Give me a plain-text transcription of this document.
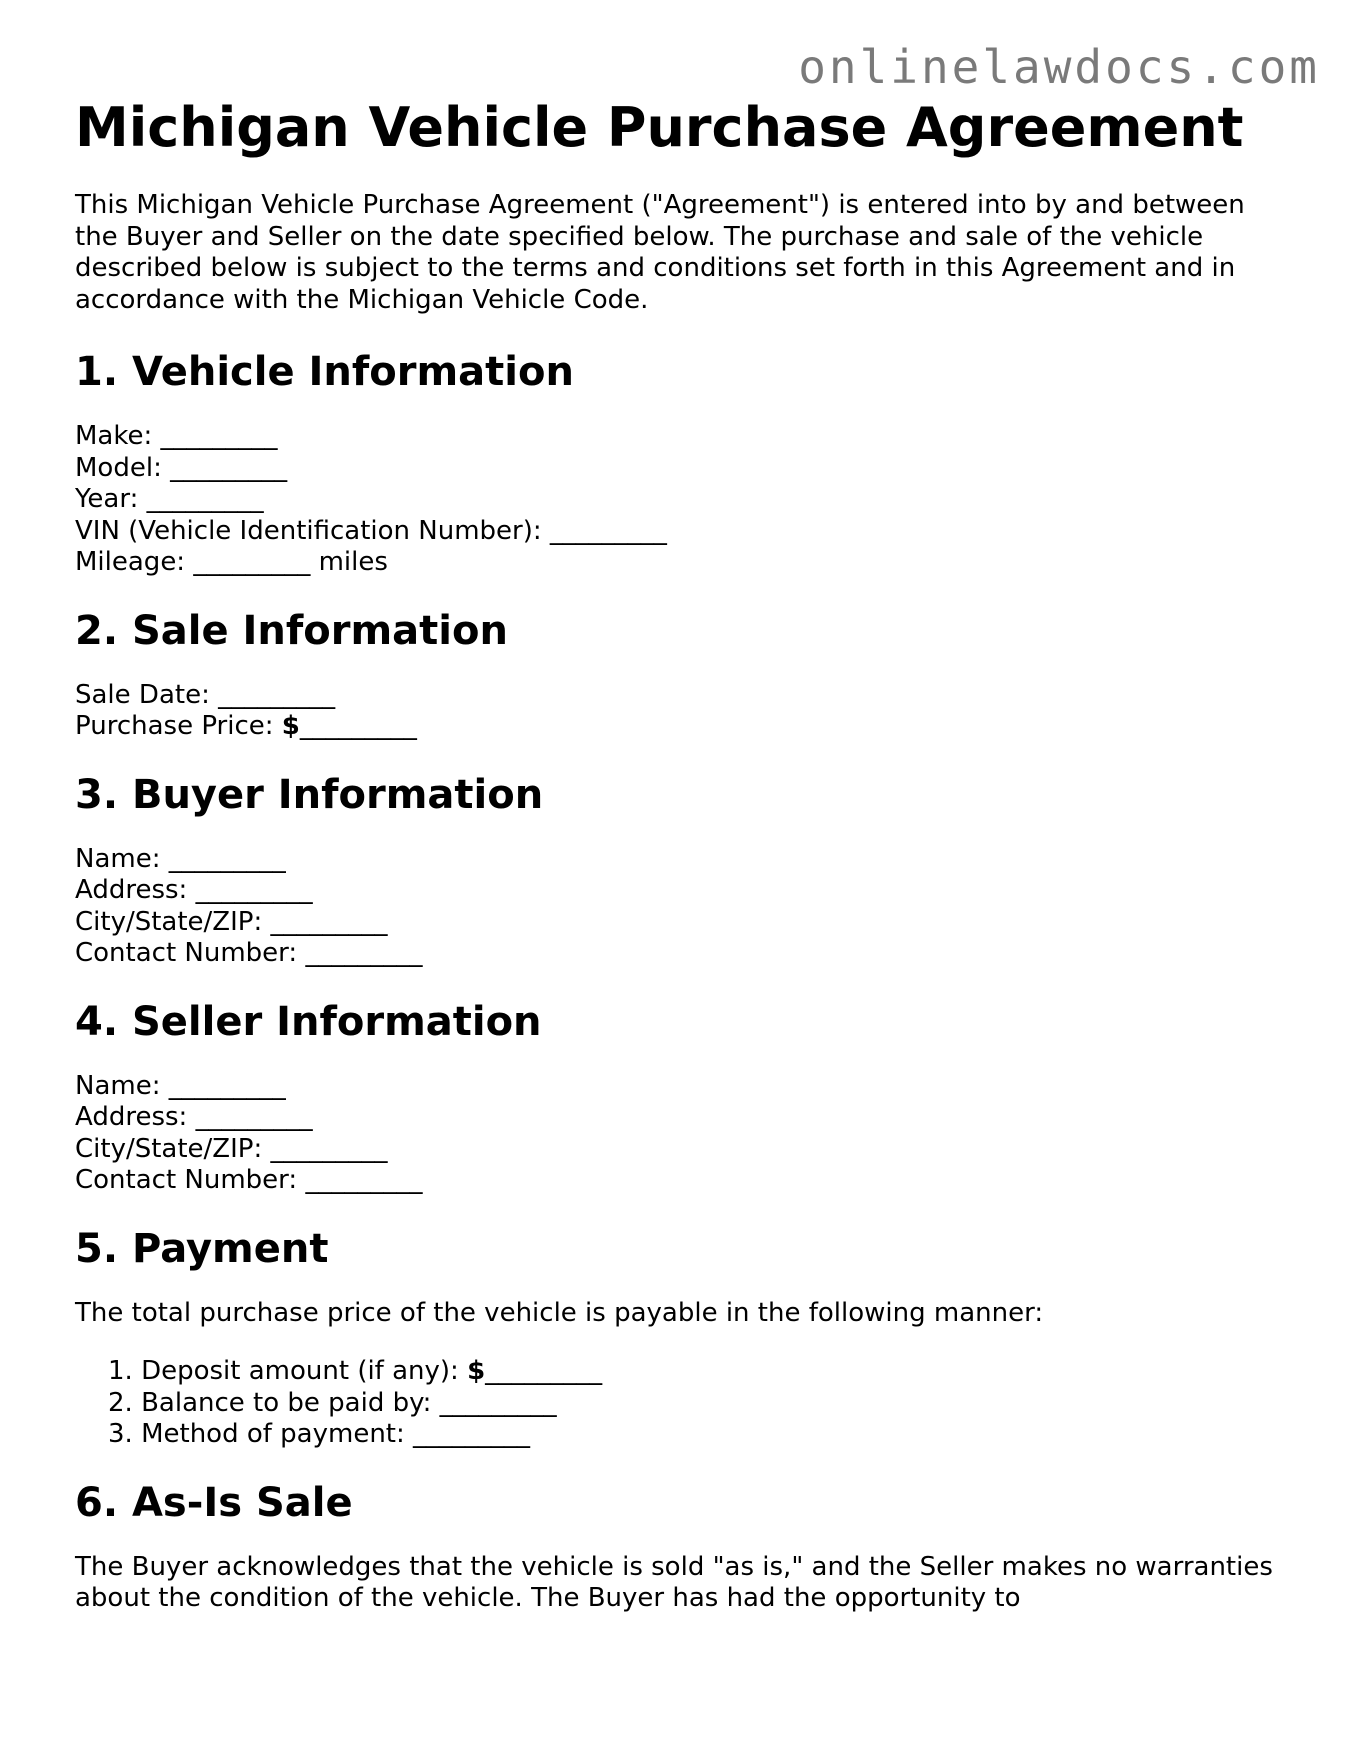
onlinelawdocs.com
Michigan Vehicle Purchase Agreement
This Michigan Vehicle Purchase Agreement ("Agreement") is entered into by and between the Buyer and Seller on the date specified below. The purchase and sale of the vehicle described below is subject to the terms and conditions set forth in this Agreement and in accordance with the Michigan Vehicle Code.
1. Vehicle Information
Make: _________
Model: _________
Year: _________
VIN (Vehicle Identification Number): _________
Mileage: _________ miles
2. Sale Information
Sale Date: _________
Purchase Price: $_________
3. Buyer Information
Name: _________
Address: _________
City/State/ZIP: _________
Contact Number: _________
4. Seller Information
Name: _________
Address: _________
City/State/ZIP: _________
Contact Number: _________
5. Payment
The total purchase price of the vehicle is payable in the following manner:
1. Deposit amount (if any): $_________
2. Balance to be paid by: _________
3. Method of payment: _________
6. As-Is Sale
The Buyer acknowledges that the vehicle is sold "as is," and the Seller makes no warranties about the condition of the vehicle. The Buyer has had the opportunity to
